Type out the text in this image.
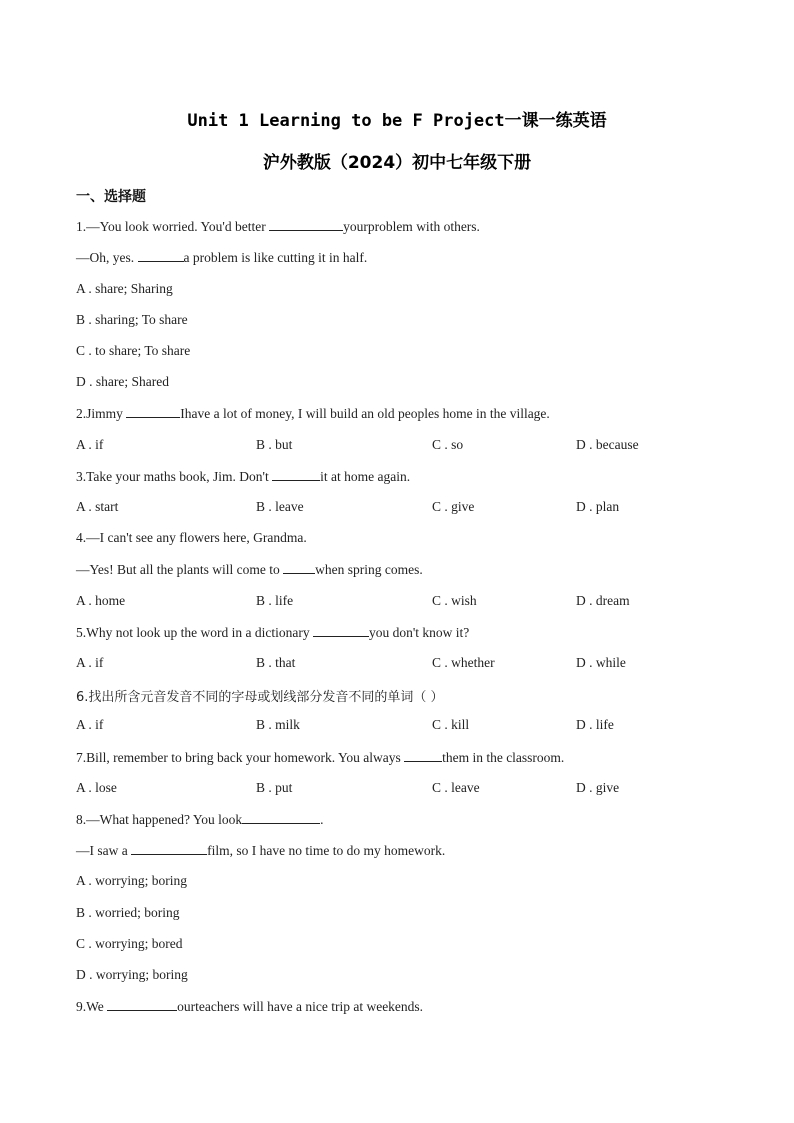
Unit 1 Learning to be F Project一课一练英语
沪外教版（2024）初中七年级下册
一、选择题
1.—You look worried. You'd better	yourproblem with others.
—Oh, yes.	a problem is like cutting it in half.
A . share; Sharing
B . sharing; To share
C . to share; To share
D . share; Shared
2.Jimmy	Ihave a lot of money, I will build an old peoples home in the village.
A . if	B . but	C . so	D . because
3.Take your maths book, Jim. Don't	it at home again.
A . start	B . leave	C . give	D . plan
4.—I can't see any flowers here, Grandma.
—Yes! But all the plants will come to when spring comes.
A . home	B . life	C . wish	D . dream
5.Why not look up the word in a dictionary	you don't know it?
A . if	B . that	C . whether	D . while
6.找出所含元音发音不同的字母或划线部分发音不同的单词（ ）
A . if	B . milk	C . kill	D . life
7.Bill, remember to bring back your homework. You always	them in the classroom.
A . lose	B . put	C . leave	D . give
8.—What happened? You look	.
—I saw a	film, so I have no time to do my homework.
A . worrying; boring
B . worried; boring
C . worrying; bored
D . worrying; boring
9.We	ourteachers will have a nice trip at weekends.
